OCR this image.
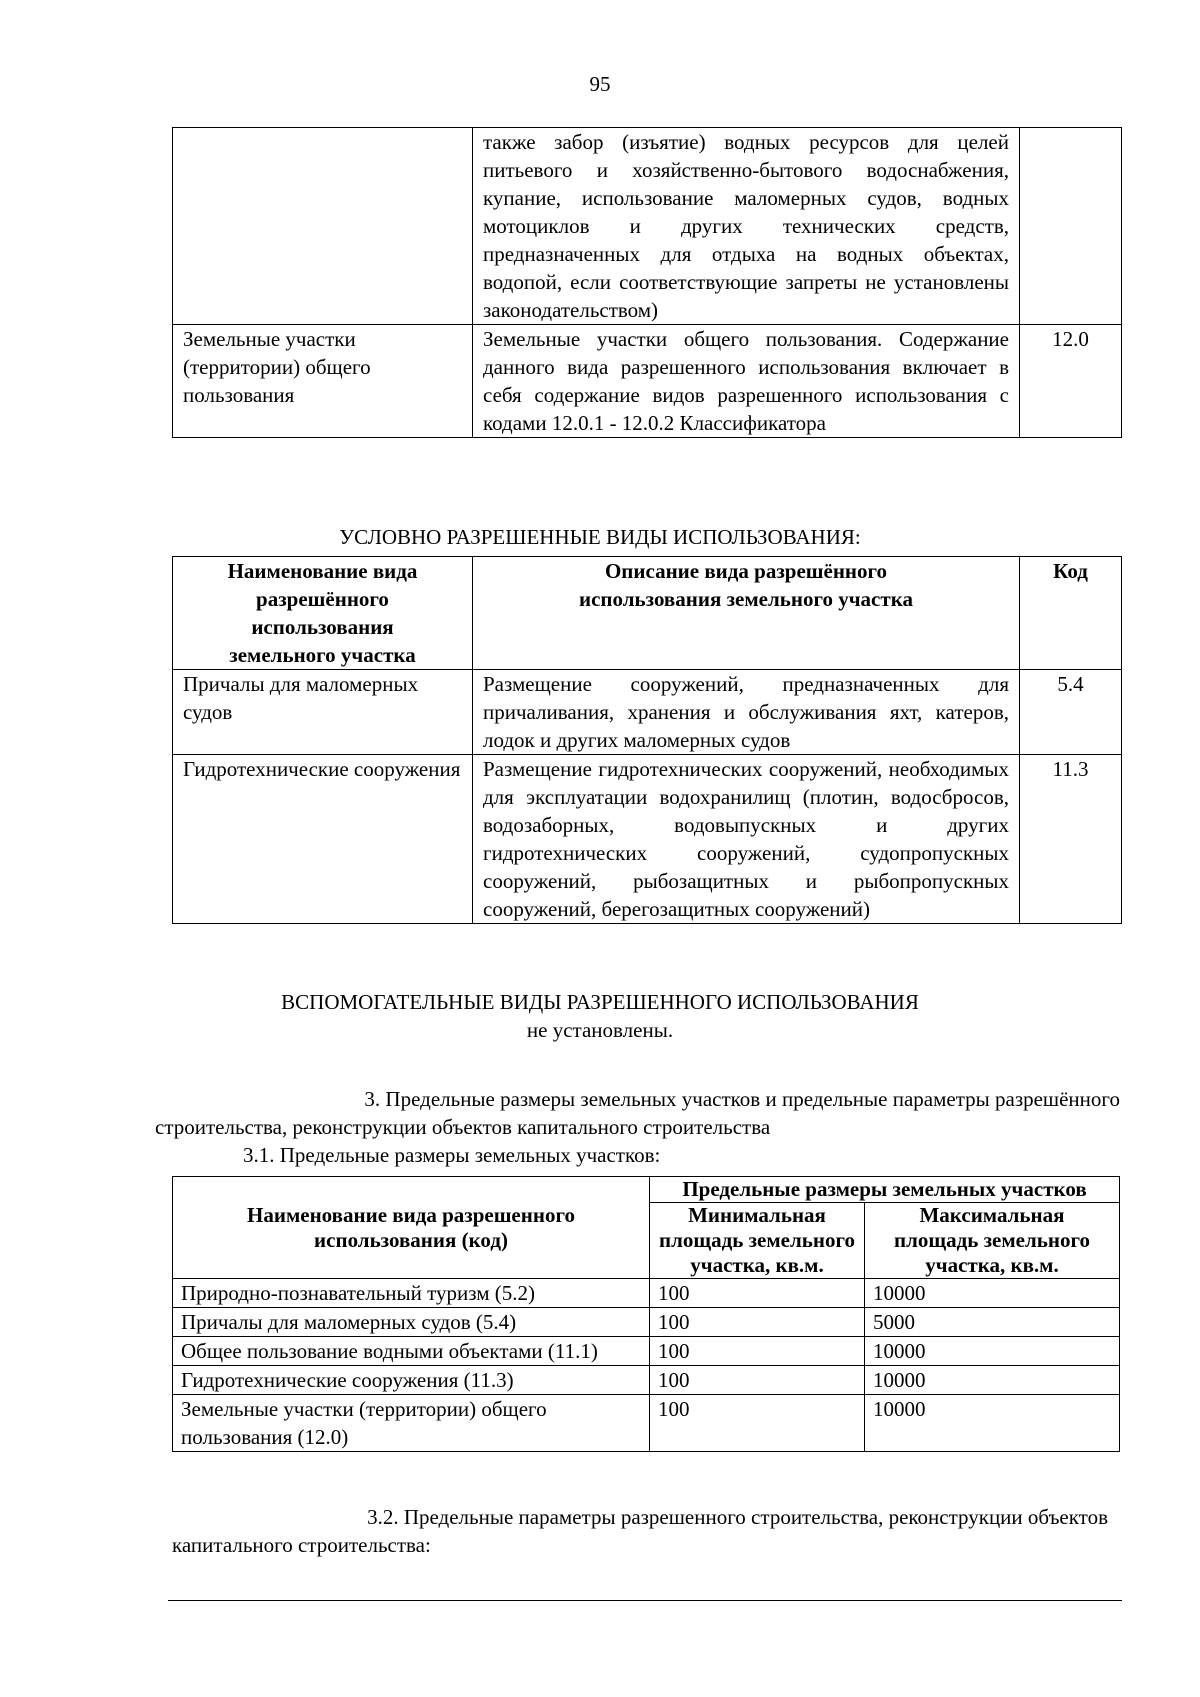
95
	также забор (изъятие) водных ресурсов для целей питьевого и хозяйственно-бытового водоснабжения, купание, использование маломерных судов, водных мотоциклов и других технических средств, предназначенных для отдыха на водных объектах, водопой, если соответствующие запреты не установлены законодательством)	
Земельные участки (территории) общего пользования	Земельные участки общего пользования. Содержание данного вида разрешенного использования включает в себя содержание видов разрешенного использования с кодами 12.0.1 - 12.0.2 Классификатора	12.0
УСЛОВНО РАЗРЕШЕННЫЕ ВИДЫ ИСПОЛЬЗОВАНИЯ:
Наименование вида разрешённого использования земельного участка	Описание вида разрешённого использования земельного участка	Код
Причалы для маломерных судов	Размещение сооружений, предназначенных для причаливания, хранения и обслуживания яхт, катеров, лодок и других маломерных судов	5.4
Гидротехнические сооружения	Размещение гидротехнических сооружений, необходимых для эксплуатации водохранилищ (плотин, водосбросов, водозаборных, водовыпускных и других гидротехнических сооружений, судопропускных сооружений, рыбозащитных и рыбопропускных сооружений, берегозащитных сооружений)	11.3
ВСПОМОГАТЕЛЬНЫЕ ВИДЫ РАЗРЕШЕННОГО ИСПОЛЬЗОВАНИЯ
не установлены.
3. Предельные размеры земельных участков и предельные параметры разрешённого
строительства, реконструкции объектов капитального строительства
3.1. Предельные размеры земельных участков:
Наименование вида разрешенного использования (код)	Предельные размеры земельных участков	
	Минимальная площадь земельного участка, кв.м.	Максимальная площадь земельного участка, кв.м.
Природно-познавательный туризм (5.2)	100	10000
Причалы для маломерных судов (5.4)	100	5000
Общее пользование водными объектами (11.1)	100	10000
Гидротехнические сооружения (11.3)	100	10000
Земельные участки (территории) общего пользования (12.0)	100	10000
3.2. Предельные параметры разрешенного строительства, реконструкции объектов
капитального строительства:
